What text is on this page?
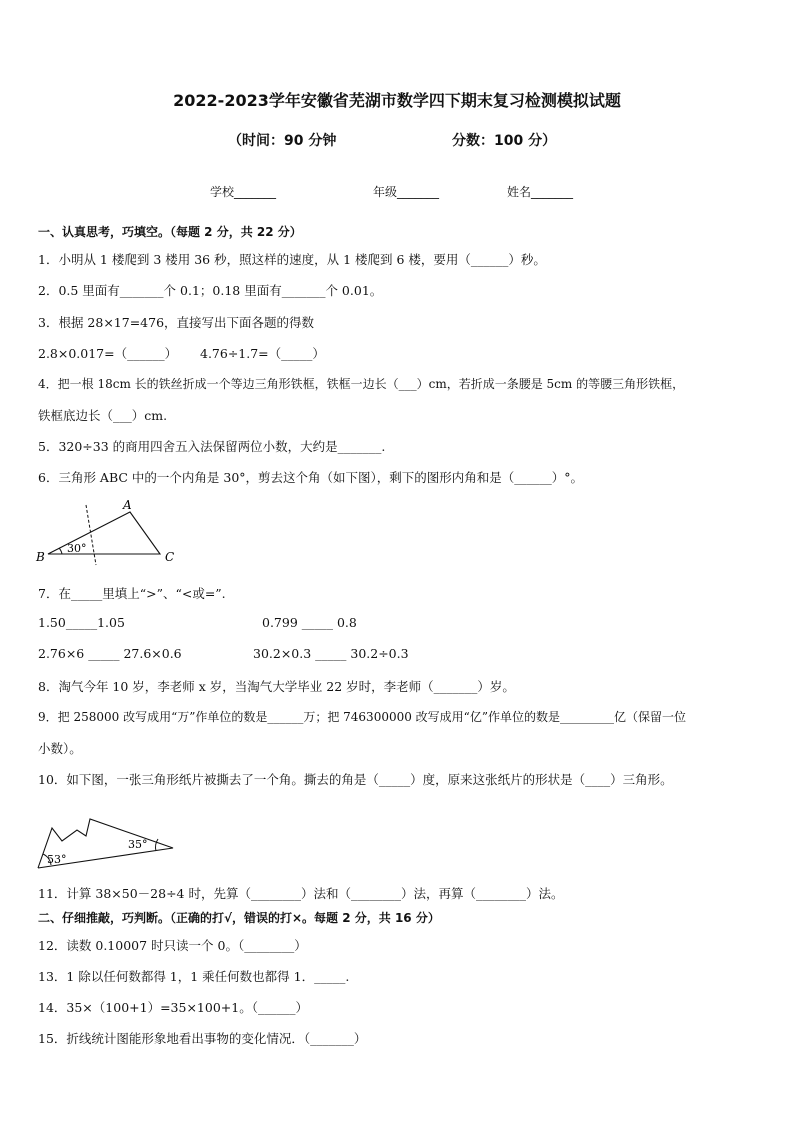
2022-2023学年安徽省芜湖市数学四下期末复习检测模拟试题
（时间：90 分钟	分数：100 分）
学校_______	年级_______	姓名_______
一、认真思考，巧填空。（每题 2 分，共 22 分）
1．小明从 1 楼爬到 3 楼用 36 秒，照这样的速度，从 1 楼爬到 6 楼，要用（______）秒。
2．0.5 里面有_______个 0.1；0.18 里面有_______个 0.01。
3．根据 28×17=476，直接写出下面各题的得数
2.8×0.017=（______） 4.76÷1.7=（_____）
4．把一根 18cm 长的铁丝折成一个等边三角形铁框，铁框一边长（___）cm，若折成一条腰是 5cm 的等腰三角形铁框，
铁框底边长（___）cm.
5．320÷33 的商用四舍五入法保留两位小数，大约是_______.
6．三角形 ABC 中的一个内角是 30°，剪去这个角（如下图），剩下的图形内角和是（______）°。
A
B	C
30°
7．在_____里填上“>”、“<或=”.
1.50_____1.05	0.799 _____ 0.8
2.76×6 _____ 27.6×0.6	30.2×0.3 _____ 30.2÷0.3
8．淘气今年 10 岁，李老师 x 岁，当淘气大学毕业 22 岁时，李老师（_______）岁。
9．把 258000 改写成用“万”作单位的数是______万；把 746300000 改写成用“亿”作单位的数是_________亿（保留一位
小数）。
10．如下图，一张三角形纸片被撕去了一个角。撕去的角是（_____）度，原来这张纸片的形状是（____）三角形。
53°
35°
11．计算 38×50－28÷4 时，先算（________）法和（________）法，再算（________）法。
二、仔细推敲，巧判断。（正确的打√，错误的打×。每题 2 分，共 16 分）
12．读数 0.10007 时只读一个 0。（________）
13．1 除以任何数都得 1，1 乘任何数也都得 1．_____.
14．35×（100+1）=35×100+1。（______）
15．折线统计图能形象地看出事物的变化情况．（_______）
